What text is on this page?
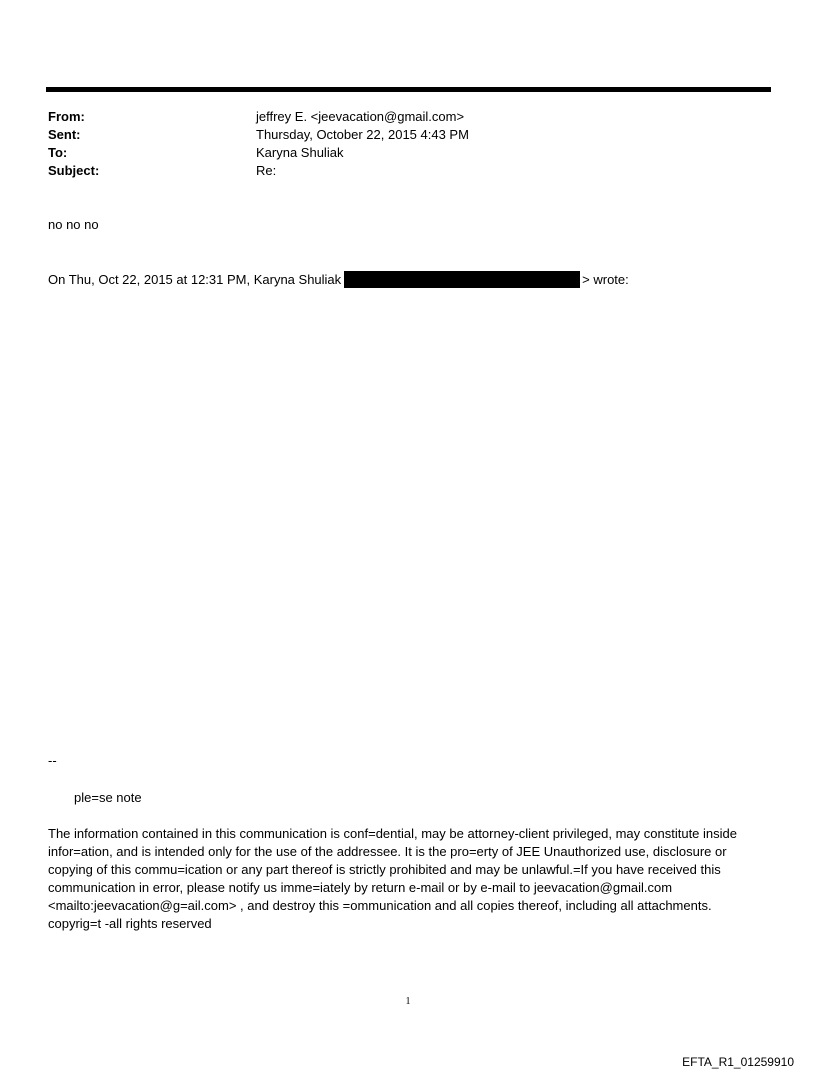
From:	jeffrey E. <jeevacation@gmail.com>
Sent:	Thursday, October 22, 2015 4:43 PM
To:	Karyna Shuliak
Subject:	Re:
no no no
On Thu, Oct 22, 2015 at 12:31 PM, Karyna Shuliak	> wrote:
--
ple=se note
The information contained in this communication is conf=dential, may be attorney-client privileged, may constitute inside infor=ation, and is intended only for the use of the addressee. It is the pro=erty of JEE Unauthorized use, disclosure or copying of this commu=ication or any part thereof is strictly prohibited and may be unlawful.=If you have received this communication in error, please notify us imme=iately by return e-mail or by e-mail to jeevacation@gmail.com <mailto:jeevacation@g=ail.com> , and destroy this =ommunication and all copies thereof, including all attachments. copyrig=t -all rights reserved
1
EFTA_R1_01259910
